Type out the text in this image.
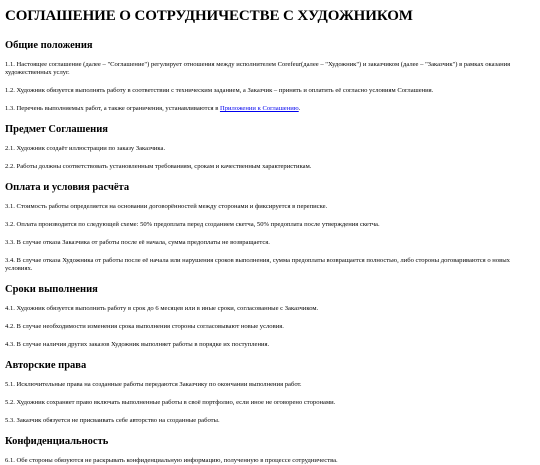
СОГЛАШЕНИЕ О СОТРУДНИЧЕСТВЕ С ХУДОЖНИКОМ
Общие положения

1.1. Настоящее соглашение (далее – "Соглашение") регулирует отношения между исполнителем Corefeur(далее – "Художник") и заказчиком (далее – "Заказчик") в рамках оказания художественных услуг.

1.2. Художник обязуется выполнять работу в соответствии с техническим заданием, а Заказчик – принять и оплатить её согласно условиям Соглашения.

1.3. Перечень выполняемых работ, а также ограничения, устанавливаются в Приложении к Соглашению.

Предмет Соглашения

2.1. Художник создаёт иллюстрации по заказу Заказчика.

2.2. Работы должны соответствовать установленным требованиям, срокам и качественным характеристикам.

Оплата и условия расчёта

3.1. Стоимость работы определяется на основании договорённостей между сторонами и фиксируется в переписке.

3.2. Оплата производится по следующей схеме: 50% предоплата перед созданием скетча, 50% предоплата после утверждения скетча.

3.3. В случае отказа Заказчика от работы после её начала, сумма предоплаты не возвращается.

3.4. В случае отказа Художника от работы после её начала или нарушения сроков выполнения, сумма предоплаты возвращается полностью, либо стороны договариваются о новых условиях.

Сроки выполнения

4.1. Художник обязуется выполнить работу в срок до 6 месяцев или в иные сроки, согласованные с Заказчиком.

4.2. В случае необходимости изменения срока выполнения стороны согласовывают новые условия.

4.3. В случае наличия других заказов Художник выполняет работы в порядке их поступления.

Авторские права

5.1. Исключительные права на созданные работы передаются Заказчику по окончании выполнения работ.

5.2. Художник сохраняет право включать выполненные работы в своё портфолио, если иное не оговорено сторонами.

5.3. Заказчик обязуется не присваивать себе авторство на созданные работы.

Конфиденциальность

6.1. Обе стороны обязуются не раскрывать конфиденциальную информацию, полученную в процессе сотрудничества.
